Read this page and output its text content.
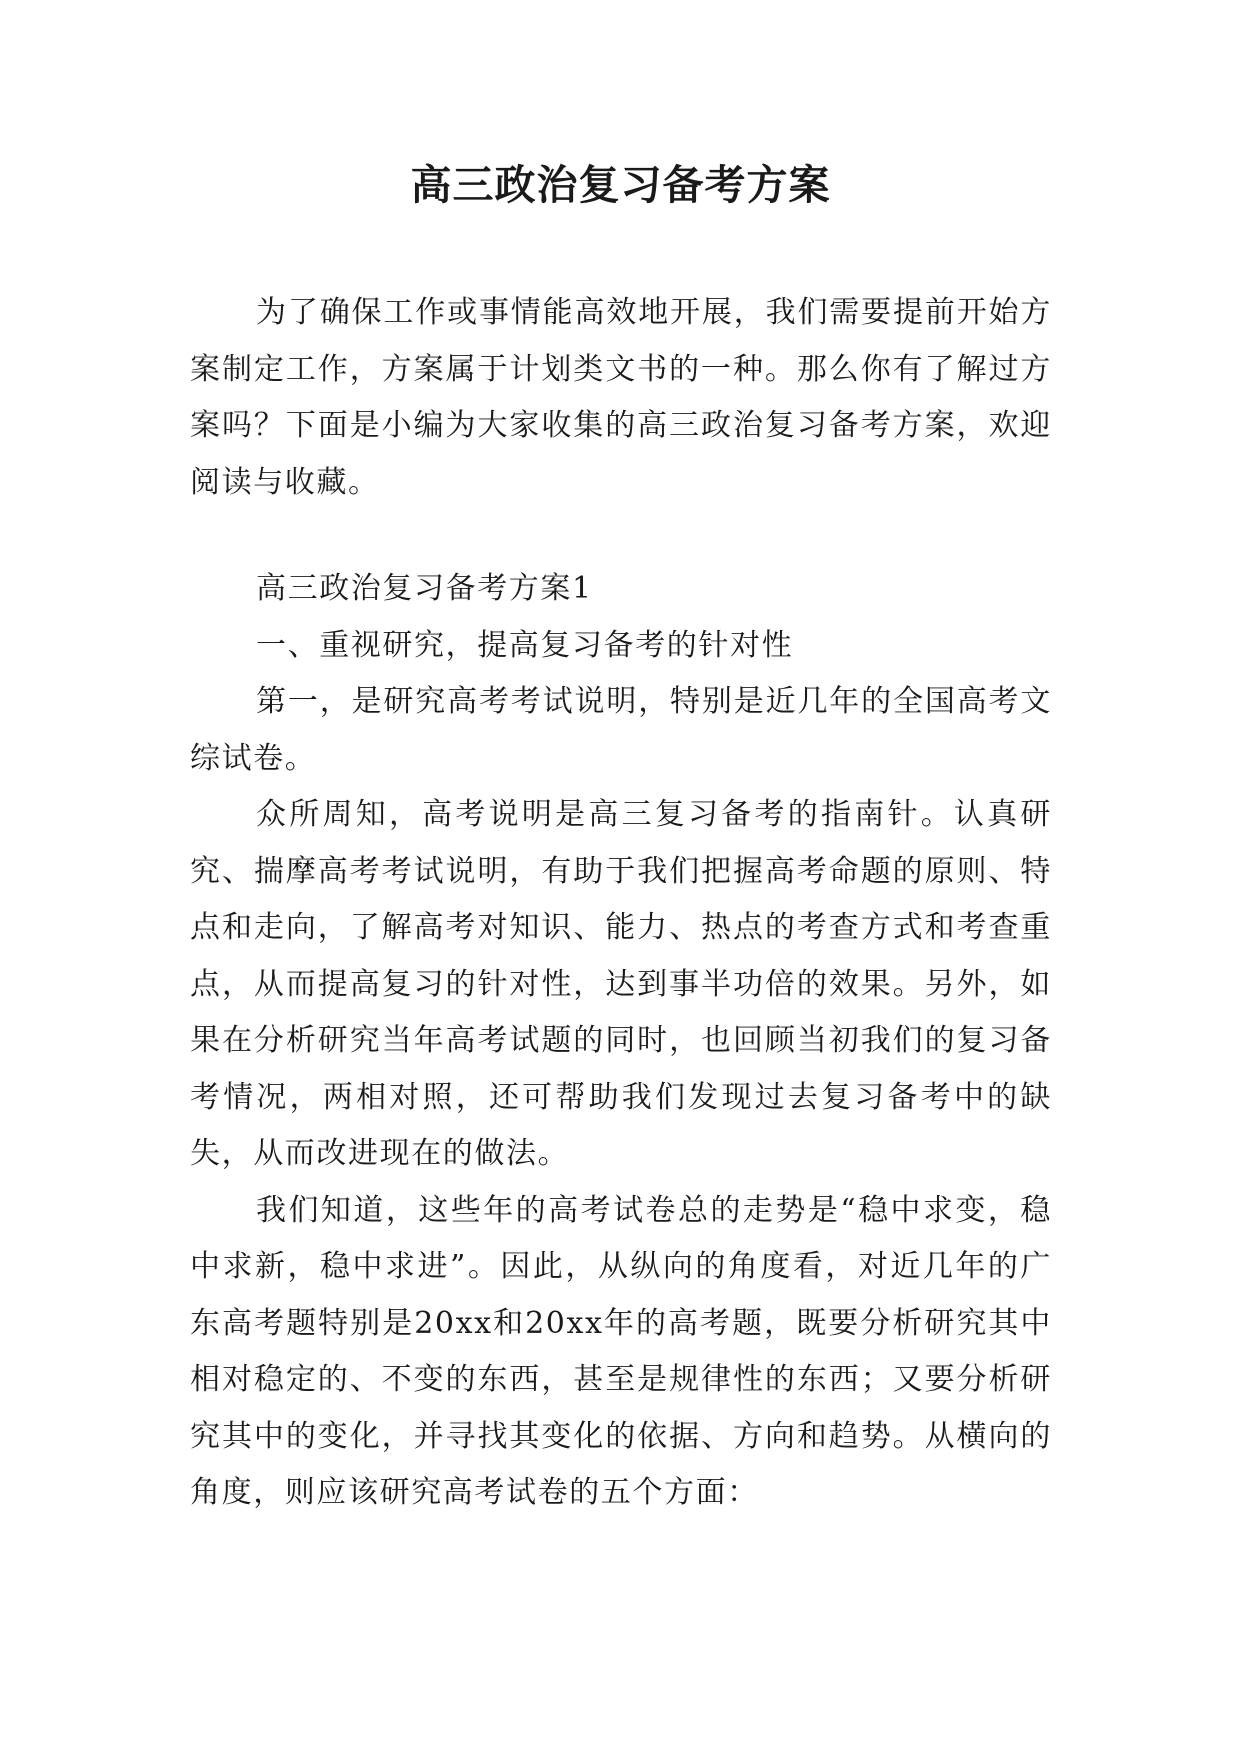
高三政治复习备考方案

为了确保工作或事情能高效地开展，我们需要提前开始方案制定工作，方案属于计划类文书的一种。那么你有了解过方案吗？下面是小编为大家收集的高三政治复习备考方案，欢迎阅读与收藏。

高三政治复习备考方案1

一、重视研究，提高复习备考的针对性

第一，是研究高考考试说明，特别是近几年的全国高考文综试卷。

众所周知，高考说明是高三复习备考的指南针。认真研究、揣摩高考考试说明，有助于我们把握高考命题的原则、特点和走向，了解高考对知识、能力、热点的考查方式和考查重点，从而提高复习的针对性，达到事半功倍的效果。另外，如果在分析研究当年高考试题的同时，也回顾当初我们的复习备考情况，两相对照，还可帮助我们发现过去复习备考中的缺失，从而改进现在的做法。

我们知道，这些年的高考试卷总的走势是“稳中求变，稳中求新，稳中求进”。因此，从纵向的角度看，对近几年的广东高考题特别是20xx和20xx年的高考题，既要分析研究其中相对稳定的、不变的东西，甚至是规律性的东西；又要分析研究其中的变化，并寻找其变化的依据、方向和趋势。从横向的角度，则应该研究高考试卷的五个方面：
